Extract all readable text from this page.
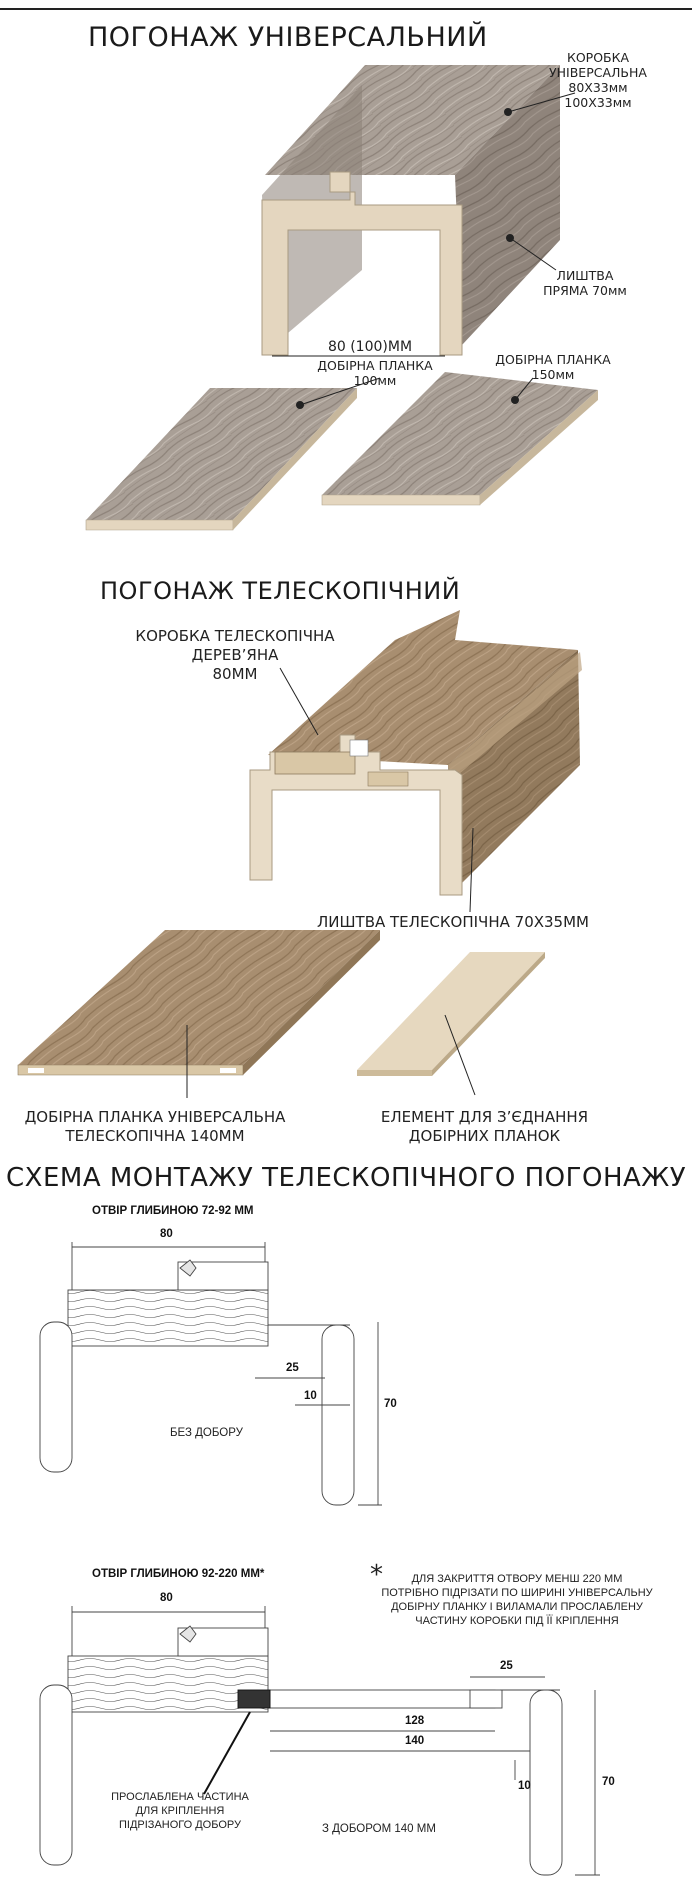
ПОГОНАЖ УНІВЕРСАЛЬНИЙ
КОРОБКА
УНІВЕРСАЛЬНА
80Х33мм
100Х33мм
ЛИШТВА
ПРЯМА 70мм
80 (100)ММ
ДОБІРНА ПЛАНКА
100мм
ДОБІРНА ПЛАНКА
150мм
ПОГОНАЖ ТЕЛЕСКОПІЧНИЙ
КОРОБКА ТЕЛЕСКОПІЧНА
ДЕРЕВ’ЯНА
80ММ
ЛИШТВА ТЕЛЕСКОПІЧНА 70Х35ММ
ДОБІРНА ПЛАНКА УНІВЕРСАЛЬНА
ТЕЛЕСКОПІЧНА 140ММ
ЕЛЕМЕНТ ДЛЯ З’ЄДНАННЯ
ДОБІРНИХ ПЛАНОК
СХЕМА МОНТАЖУ ТЕЛЕСКОПІЧНОГО ПОГОНАЖУ
ОТВІР ГЛИБИНОЮ 72-92 ММ
80
25
10
70
БЕЗ ДОБОРУ
ОТВІР ГЛИБИНОЮ 92-220 ММ*
80
25
128
140
10	70
З ДОБОРОМ 140 ММ
ПРОСЛАБЛЕНА ЧАСТИНА
ДЛЯ КРІПЛЕННЯ
ПІДРІЗАНОГО ДОБОРУ
*	ДЛЯ ЗАКРИТТЯ ОТВОРУ МЕНШ 220 ММ
ПОТРІБНО ПІДРІЗАТИ ПО ШИРИНІ УНІВЕРСАЛЬНУ
ДОБІРНУ ПЛАНКУ І ВИЛАМАЛИ ПРОСЛАБЛЕНУ
ЧАСТИНУ КОРОБКИ ПІД ЇЇ КРІПЛЕННЯ
